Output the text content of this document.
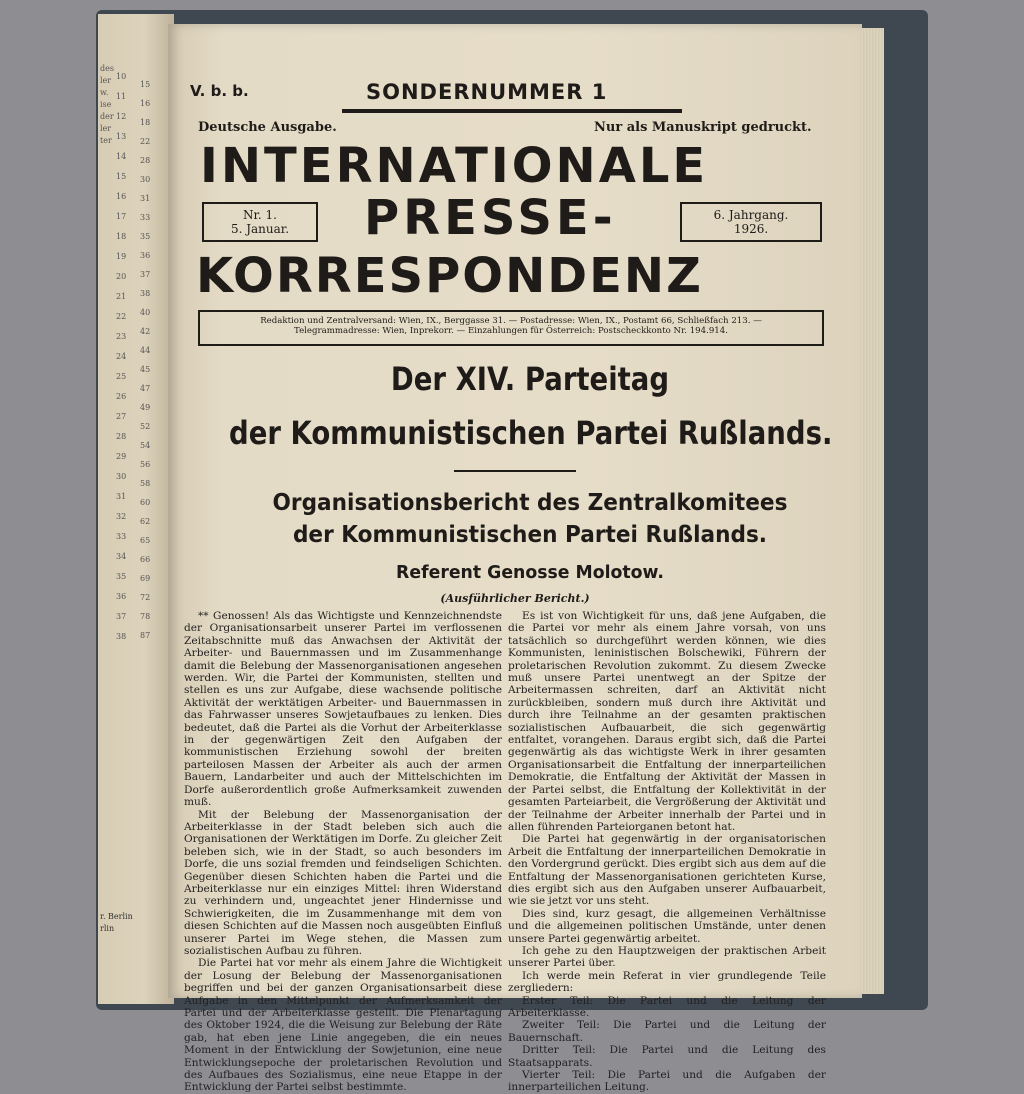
des
ler
w.
ise
der
ler
ter
10
11
12
13
14
15
16
17
18
19
20
21
22
23
24
25
26
27
28
29
30
31
32
33
34
35
36
37
38
15
16
18
22
28
30
31
33
35
36
37
38
40
42
44
45
47
49
52
54
56
58
60
62
65
66
69
72
78
87
r. Berlin
rlin
V. b. b.	SONDERNUMMER 1
Deutsche Ausgabe.	Nur als Manuskript gedruckt.
INTERNATIONALE
PRESSE-
KORRESPONDENZ
Nr. 1.
5. Januar.
6. Jahrgang.
1926.
Redaktion und Zentralversand: Wien, IX., Berggasse 31. — Postadresse: Wien, IX., Postamt 66, Schließfach 213. —
Telegrammadresse: Wien, Inprekorr. — Einzahlungen für Österreich: Postscheckkonto Nr. 194.914.
Der XIV. Parteitag
der Kommunistischen Partei Rußlands.
Organisationsbericht des Zentralkomitees
der Kommunistischen Partei Rußlands.
Referent Genosse Molotow.
(Ausführlicher Bericht.)

** Genossen! Als das Wichtigste und Kennzeichnendste der Organisationsarbeit unserer Partei im verflossenen Zeitabschnitte muß das Anwachsen der Aktivität der Arbeiter- und Bauernmassen und im Zusammenhange damit die Belebung der Massenorganisationen angesehen werden. Wir, die Partei der Kommunisten, stellten und stellen es uns zur Aufgabe, diese wachsende politische Aktivität der werktätigen Arbeiter- und Bauernmassen in das Fahrwasser unseres Sowjetaufbaues zu lenken. Dies bedeutet, daß die Partei als die Vorhut der Arbeiterklasse in der gegenwärtigen Zeit den Aufgaben der kommunistischen Erziehung sowohl der breiten parteilosen Massen der Arbeiter als auch der armen Bauern, Landarbeiter und auch der Mittelschichten im Dorfe außerordentlich große Aufmerksamkeit zuwenden muß.

Mit der Belebung der Massenorganisation der Arbeiterklasse in der Stadt beleben sich auch die Organisationen der Werktätigen im Dorfe. Zu gleicher Zeit beleben sich, wie in der Stadt, so auch besonders im Dorfe, die uns sozial fremden und feindseligen Schichten. Gegenüber diesen Schichten haben die Partei und die Arbeiterklasse nur ein einziges Mittel: ihren Widerstand zu verhindern und, ungeachtet jener Hindernisse und Schwierigkeiten, die im Zusammenhange mit dem von diesen Schichten auf die Massen noch ausgeübten Einfluß unserer Partei im Wege stehen, die Massen zum sozialistischen Aufbau zu führen.

Die Partei hat vor mehr als einem Jahre die Wichtigkeit der Losung der Belebung der Massenorganisationen begriffen und bei der ganzen Organisationsarbeit diese Aufgabe in den Mittelpunkt der Aufmerksamkeit der Partei und der Arbeiterklasse gestellt. Die Plenartagung des Oktober 1924, die die Weisung zur Belebung der Räte gab, hat eben jene Linie angegeben, die ein neues Moment in der Entwicklung der Sowjetunion, eine neue Entwicklungsepoche der proletarischen Revolution und des Aufbaues des Sozialismus, eine neue Etappe in der Entwicklung der Partei selbst bestimmte.

Es ist von Wichtigkeit für uns, daß jene Aufgaben, die die Partei vor mehr als einem Jahre vorsah, von uns tatsächlich so durchgeführt werden können, wie dies Kommunisten, leninistischen Bolschewiki, Führern der proletarischen Revolution zukommt. Zu diesem Zwecke muß unsere Partei unentwegt an der Spitze der Arbeitermassen schreiten, darf an Aktivität nicht zurückbleiben, sondern muß durch ihre Aktivität und durch ihre Teilnahme an der gesamten praktischen sozialistischen Aufbauarbeit, die sich gegenwärtig entfaltet, vorangehen. Daraus ergibt sich, daß die Partei gegenwärtig als das wichtigste Werk in ihrer gesamten Organisationsarbeit die Entfaltung der innerparteilichen Demokratie, die Entfaltung der Aktivität der Massen in der Partei selbst, die Entfaltung der Kollektivität in der gesamten Parteiarbeit, die Vergrößerung der Aktivität und der Teilnahme der Arbeiter innerhalb der Partei und in allen führenden Parteiorganen betont hat.

Die Partei hat gegenwärtig in der organisatorischen Arbeit die Entfaltung der innerparteilichen Demokratie in den Vordergrund gerückt. Dies ergibt sich aus dem auf die Entfaltung der Massenorganisationen gerichteten Kurse, dies ergibt sich aus den Aufgaben unserer Aufbauarbeit, wie sie jetzt vor uns steht.

Dies sind, kurz gesagt, die allgemeinen Verhältnisse und die allgemeinen politischen Umstände, unter denen unsere Partei gegenwärtig arbeitet.

Ich gehe zu den Hauptzweigen der praktischen Arbeit unserer Partei über.

Ich werde mein Referat in vier grundlegende Teile zergliedern:

Erster Teil: Die Partei und die Leitung der Arbeiterklasse.

Zweiter Teil: Die Partei und die Leitung der Bauernschaft.

Dritter Teil: Die Partei und die Leitung des Staatsapparats.

Vierter Teil: Die Partei und die Aufgaben der innerparteilichen Leitung.
